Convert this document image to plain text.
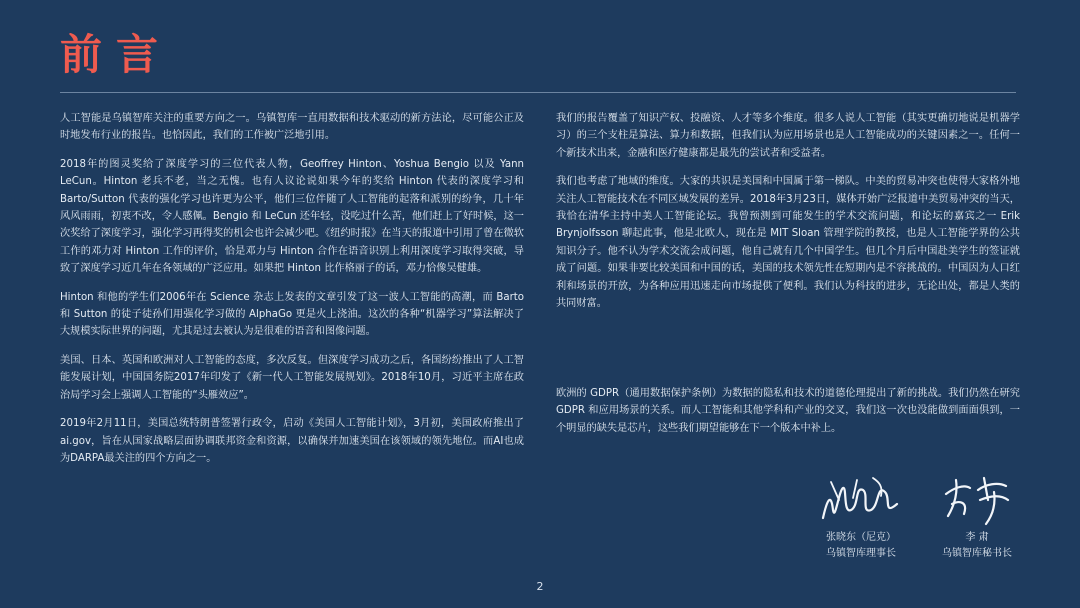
前言

人工智能是乌镇智库关注的重要方向之一。乌镇智库一直用数据和技术驱动的新方法论，尽可能公正及时地发布行业的报告。也恰因此，我们的工作被广泛地引用。

2018年的图灵奖给了深度学习的三位代表人物，Geoffrey Hinton、Yoshua Bengio 以及 Yann LeCun。Hinton 老兵不老，当之无愧。也有人议论说如果今年的奖给 Hinton 代表的深度学习和 Barto/Sutton 代表的强化学习也许更为公平，他们三位伴随了人工智能的起落和派别的纷争，几十年风风雨雨，初衷不改，令人感佩。Bengio 和 LeCun 还年轻，没吃过什么苦，他们赶上了好时候，这一次奖给了深度学习，强化学习再得奖的机会也许会减少吧。《纽约时报》在当天的报道中引用了曾在微软工作的邓力对 Hinton 工作的评价，恰是邓力与 Hinton 合作在语音识别上利用深度学习取得突破，导致了深度学习近几年在各领域的广泛应用。如果把 Hinton 比作格丽子的话，邓力恰像吴健雄。

Hinton 和他的学生们2006年在 Science 杂志上发表的文章引发了这一波人工智能的高潮，而 Barto 和 Sutton 的徒子徒孙们用强化学习做的 AlphaGo 更是火上浇油。这次的各种“机器学习”算法解决了大规模实际世界的问题，尤其是过去被认为是很难的语音和图像问题。

美国、日本、英国和欧洲对人工智能的态度，多次反复。但深度学习成功之后，各国纷纷推出了人工智能发展计划，中国国务院2017年印发了《新一代人工智能发展规划》。2018年10月，习近平主席在政治局学习会上强调人工智能的“头雁效应”。

2019年2月11日，美国总统特朗普签署行政令，启动《美国人工智能计划》，3月初，美国政府推出了 ai.gov，旨在从国家战略层面协调联邦资金和资源，以确保并加速美国在该领域的领先地位。而AI也成为DARPA最关注的四个方向之一。

我们的报告覆盖了知识产权、投融资、人才等多个维度。很多人说人工智能（其实更确切地说是机器学习）的三个支柱是算法、算力和数据，但我们认为应用场景也是人工智能成功的关键因素之一。任何一个新技术出来，金融和医疗健康都是最先的尝试者和受益者。

我们也考虑了地域的维度。大家的共识是美国和中国属于第一梯队。中美的贸易冲突也使得大家格外地关注人工智能技术在不同区域发展的差异。2018年3月23日，媒体开始广泛报道中美贸易冲突的当天，我恰在清华主持中美人工智能论坛。我曾预测到可能发生的学术交流问题，和论坛的嘉宾之一 Erik Brynjolfsson 聊起此事，他是北欧人，现在是 MIT Sloan 管理学院的教授，也是人工智能学界的公共知识分子。他不认为学术交流会成问题，他自己就有几个中国学生。但几个月后中国赴美学生的签证就成了问题。如果非要比较美国和中国的话，美国的技术领先性在短期内是不容挑战的。中国因为人口红利和场景的开放，为各种应用迅速走向市场提供了便利。我们认为科技的进步，无论出处，都是人类的共同财富。

欧洲的 GDPR（通用数据保护条例）为数据的隐私和技术的道德伦理提出了新的挑战。我们仍然在研究 GDPR 和应用场景的关系。而人工智能和其他学科和产业的交叉，我们这一次也没能做到面面俱到，一个明显的缺失是芯片，这些我们期望能够在下一个版本中补上。

张晓东（尼克）
乌镇智库理事长
李 肃
乌镇智库秘书长
2
